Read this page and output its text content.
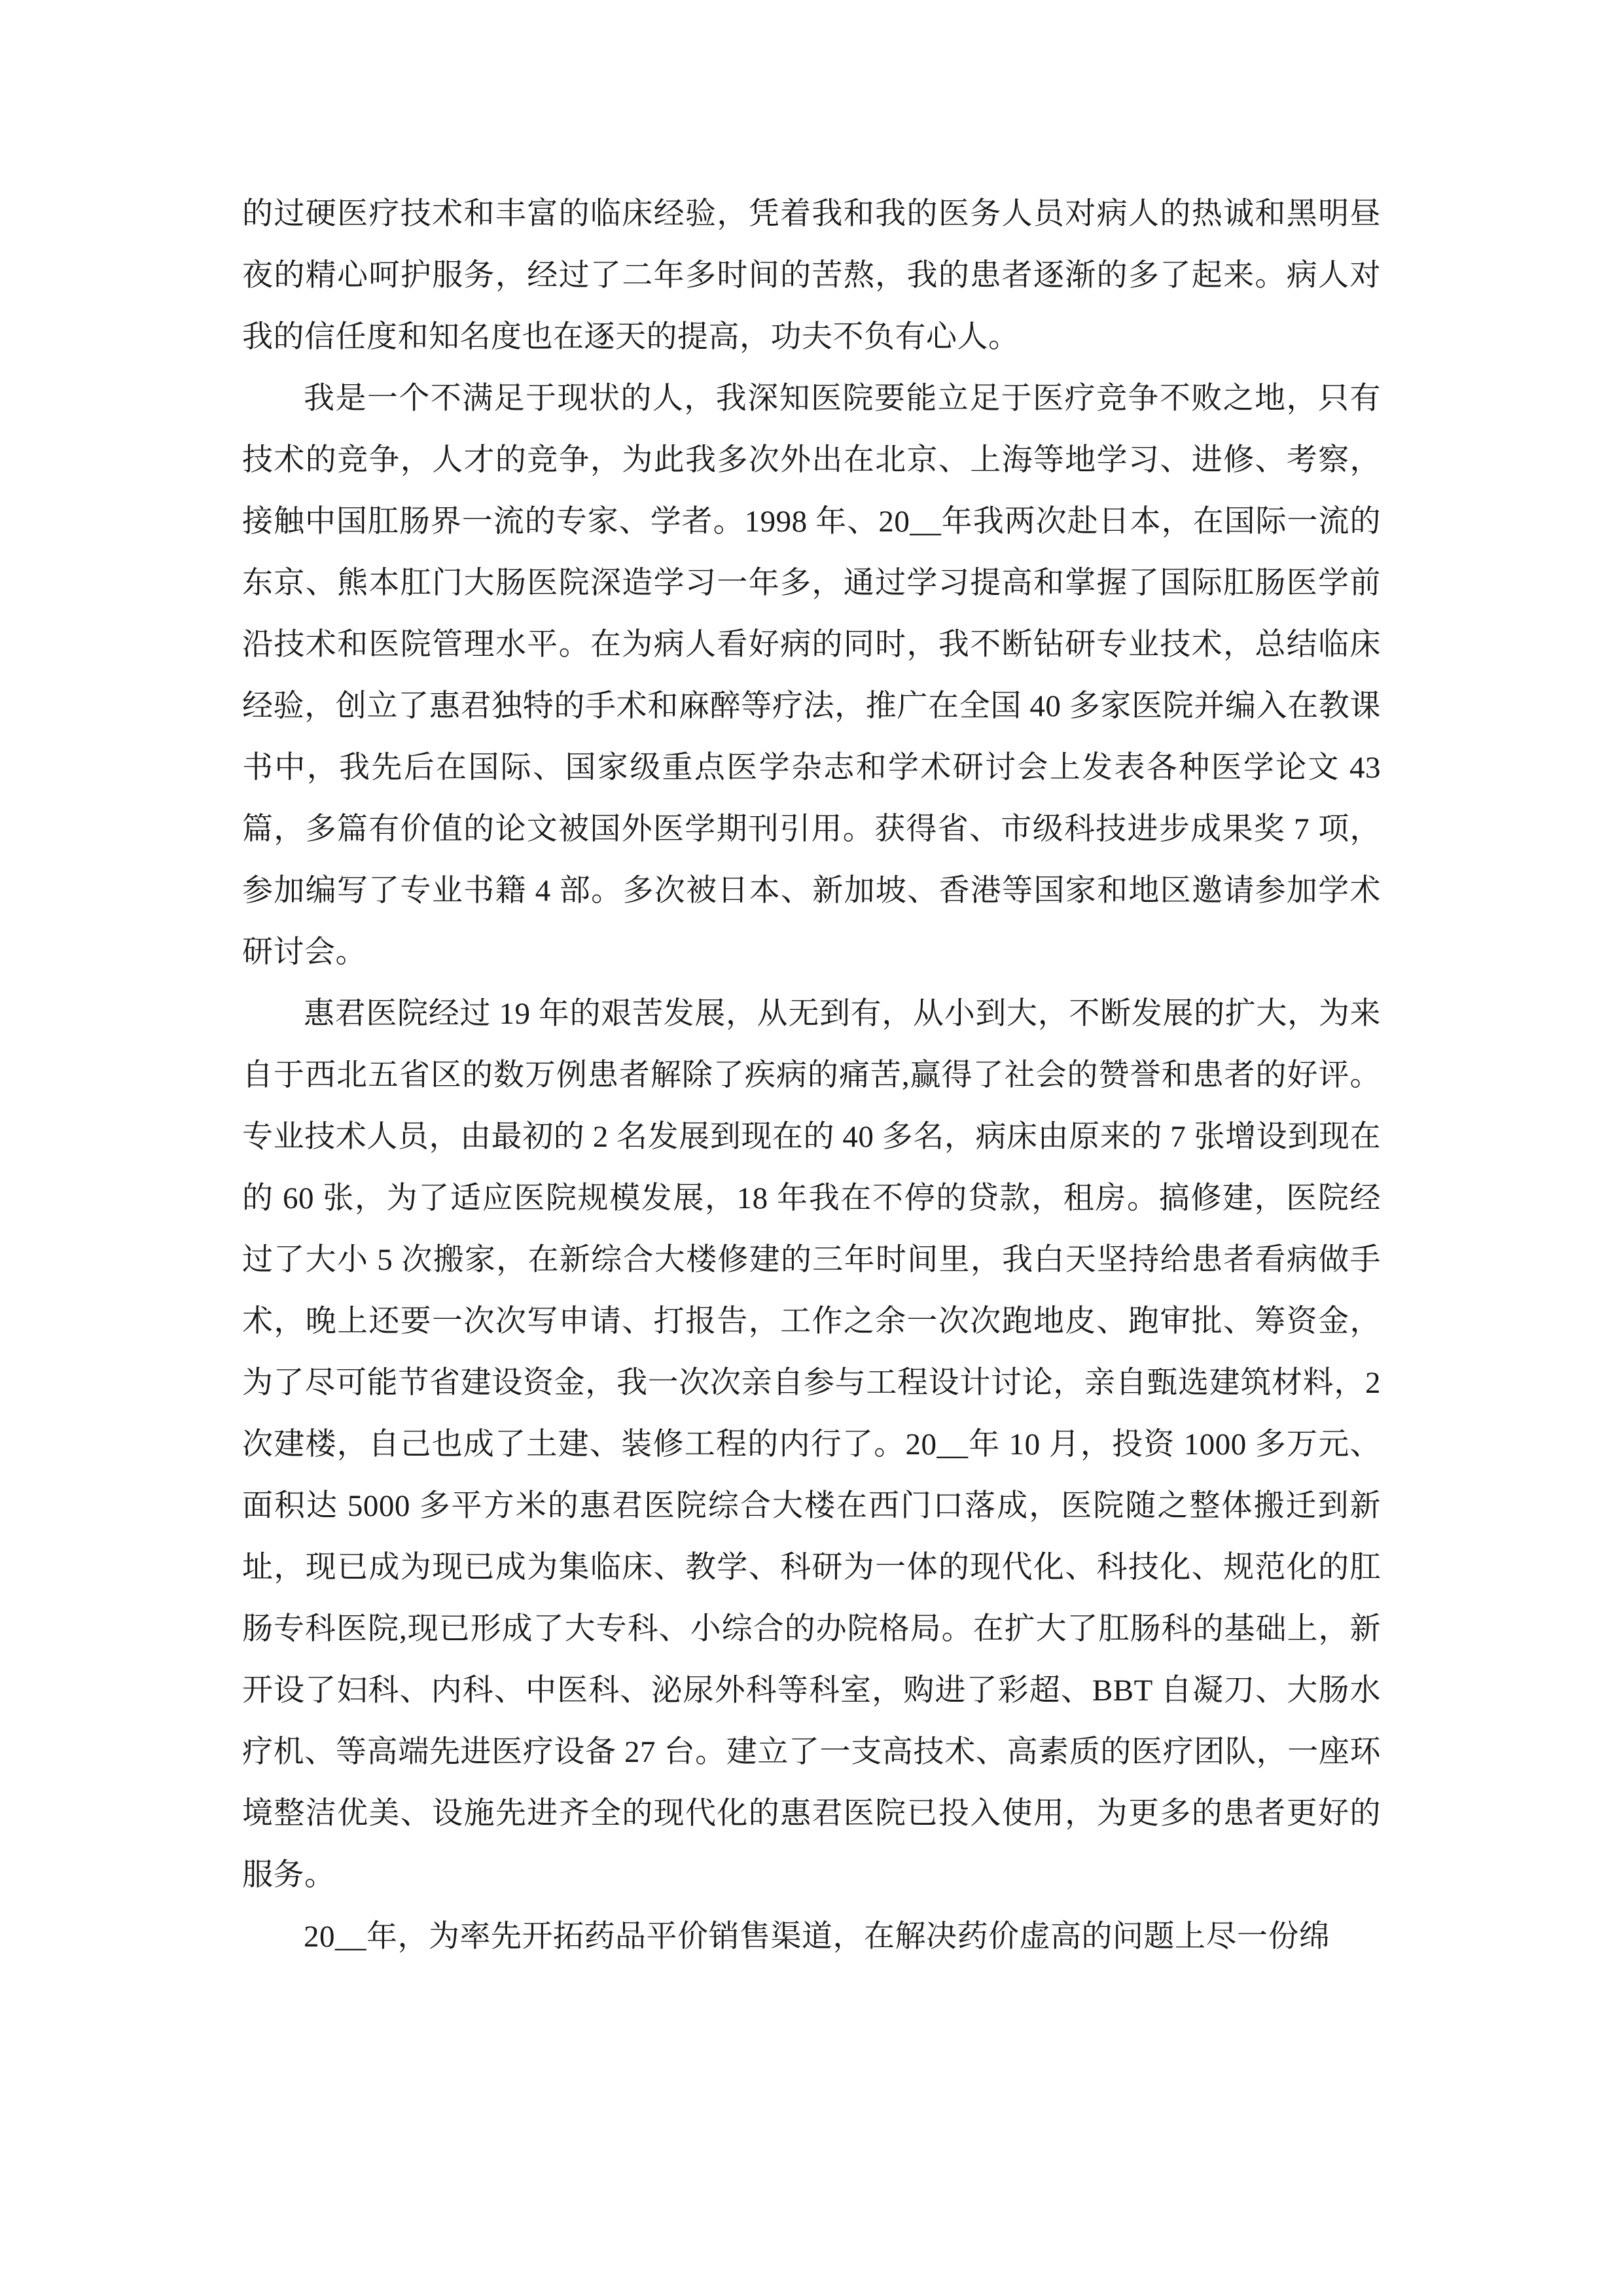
的过硬医疗技术和丰富的临床经验，凭着我和我的医务人员对病人的热诚和黑明昼夜的精心呵护服务，经过了二年多时间的苦熬，我的患者逐渐的多了起来。病人对我的信任度和知名度也在逐天的提高，功夫不负有心人。

我是一个不满足于现状的人，我深知医院要能立足于医疗竞争不败之地，只有技术的竞争，人才的竞争，为此我多次外出在北京、上海等地学习、进修、考察，接触中国肛肠界一流的专家、学者。1998 年、20__年我两次赴日本，在国际一流的东京、熊本肛门大肠医院深造学习一年多，通过学习提高和掌握了国际肛肠医学前沿技术和医院管理水平。在为病人看好病的同时，我不断钻研专业技术，总结临床经验，创立了惠君独特的手术和麻醉等疗法，推广在全国 40 多家医院并编入在教课书中，我先后在国际、国家级重点医学杂志和学术研讨会上发表各种医学论文 43 篇，多篇有价值的论文被国外医学期刊引用。获得省、市级科技进步成果奖 7 项，参加编写了专业书籍 4 部。多次被日本、新加坡、香港等国家和地区邀请参加学术研讨会。

惠君医院经过 19 年的艰苦发展，从无到有，从小到大，不断发展的扩大，为来自于西北五省区的数万例患者解除了疾病的痛苦,赢得了社会的赞誉和患者的好评。专业技术人员，由最初的 2 名发展到现在的 40 多名，病床由原来的 7 张增设到现在的 60 张，为了适应医院规模发展，18 年我在不停的贷款，租房。搞修建，医院经过了大小 5 次搬家，在新综合大楼修建的三年时间里，我白天坚持给患者看病做手术，晚上还要一次次写申请、打报告，工作之余一次次跑地皮、跑审批、筹资金，为了尽可能节省建设资金，我一次次亲自参与工程设计讨论，亲自甄选建筑材料，2 次建楼，自己也成了土建、装修工程的内行了。20__年 10 月，投资 1000 多万元、面积达 5000 多平方米的惠君医院综合大楼在西门口落成，医院随之整体搬迁到新址，现已成为现已成为集临床、教学、科研为一体的现代化、科技化、规范化的肛肠专科医院,现已形成了大专科、小综合的办院格局。在扩大了肛肠科的基础上，新开设了妇科、内科、中医科、泌尿外科等科室，购进了彩超、BBT 自凝刀、大肠水疗机、等高端先进医疗设备 27 台。建立了一支高技术、高素质的医疗团队，一座环境整洁优美、设施先进齐全的现代化的惠君医院已投入使用，为更多的患者更好的服务。

20__年，为率先开拓药品平价销售渠道，在解决药价虚高的问题上尽一份绵
